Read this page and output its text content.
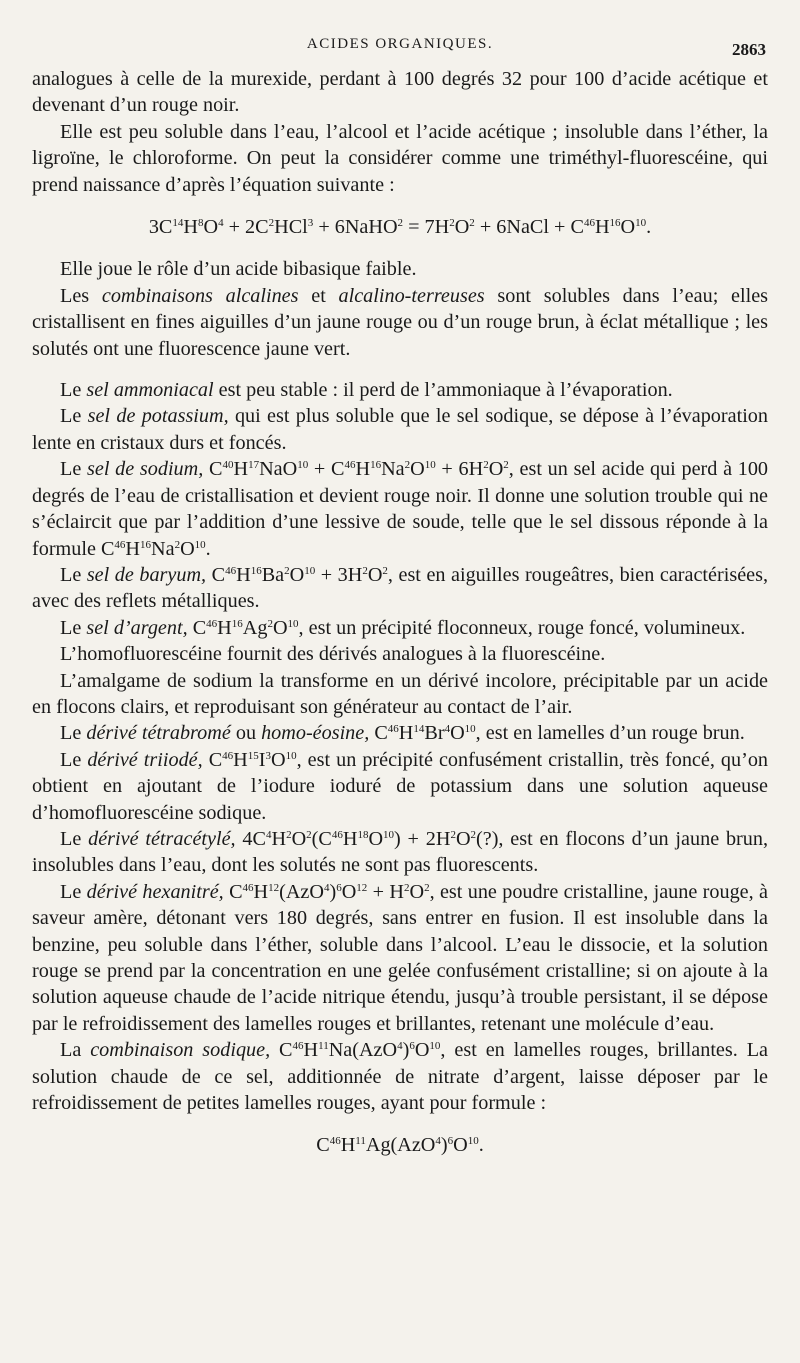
ACIDES ORGANIQUES.	2863

analogues à celle de la murexide, perdant à 100 degrés 32 pour 100 d’acide acétique et devenant d’un rouge noir.

Elle est peu soluble dans l’eau, l’alcool et l’acide acétique ; insoluble dans l’éther, la ligroïne, le chloroforme. On peut la considérer comme une triméthyl-fluorescéine, qui prend naissance d’après l’équation suivante :

$3C^{14}H^8O^4 + 2C^2HCl^3$ + 6NaHO$^2$ = $7H^2O^2$ + 6NaCl + $C^{46}H^{16}O^{10}$.

Elle joue le rôle d’un acide bibasique faible.

Les combinaisons alcalines et alcalino-terreuses sont solubles dans l’eau; elles cristallisent en fines aiguilles d’un jaune rouge ou d’un rouge brun, à éclat métallique ; les solutés ont une fluorescence jaune vert.

Le sel ammoniacal est peu stable : il perd de l’ammoniaque à l’évaporation.

Le sel de potassium, qui est plus soluble que le sel sodique, se dépose à l’évaporation lente en cristaux durs et foncés.

Le sel de sodium, $C^{40}H^{17}NaO^{10} + C^{46}H^{16}Na^2O^{10} + 6H^2O^2$, est un sel acide qui perd à 100 degrés de l’eau de cristallisation et devient rouge noir. Il donne une solution trouble qui ne s’éclaircit que par l’addition d’une lessive de soude, telle que le sel dissous réponde à la formule $C^{46}H^{16}Na^2O^{10}$.

Le sel de baryum, $C^{46}H^{16}Ba^2O^{10} + 3H^2O^2$, est en aiguilles rougeâtres, bien caractérisées, avec des reflets métalliques.

Le sel d’argent, $C^{46}H^{16}Ag^2O^{10}$, est un précipité floconneux, rouge foncé, volumineux.

L’homofluorescéine fournit des dérivés analogues à la fluorescéine.

L’amalgame de sodium la transforme en un dérivé incolore, précipitable par un acide en flocons clairs, et reproduisant son générateur au contact de l’air.

Le dérivé tétrabromé ou homo-éosine, $C^{46}H^{14}Br^4O^{10}$, est en lamelles d’un rouge brun.

Le dérivé triiodé, $C^{46}H^{15}I^3O^{10}$, est un précipité confusément cristallin, très foncé, qu’on obtient en ajoutant de l’iodure ioduré de potassium dans une solution aqueuse d’homofluorescéine sodique.

Le dérivé tétracétylé, $4C^4H^2O^2(C^{46}H^{18}O^{10})$ + $2H^2O^2(?)$, est en flocons d’un jaune brun, insolubles dans l’eau, dont les solutés ne sont pas fluorescents.

Le dérivé hexanitré, $C^{46}H^{12}(AzO^4)^6O^{12} + H^2O^2$, est une poudre cristalline, jaune rouge, à saveur amère, détonant vers 180 degrés, sans entrer en fusion. Il est insoluble dans la benzine, peu soluble dans l’éther, soluble dans l’alcool. L’eau le dissocie, et la solution rouge se prend par la concentration en une gelée confusément cristalline; si on ajoute à la solution aqueuse chaude de l’acide nitrique étendu, jusqu’à trouble persistant, il se dépose par le refroidissement des lamelles rouges et brillantes, retenant une molécule d’eau.

La combinaison sodique, $C^{46}H^{11}Na(AzO^4)^6O^{10}$, est en lamelles rouges, brillantes. La solution chaude de ce sel, additionnée de nitrate d’argent, laisse déposer par le refroidissement de petites lamelles rouges, ayant pour formule :

$C^{46}H^{11}Ag(AzO^4)^6O^{10}$.
